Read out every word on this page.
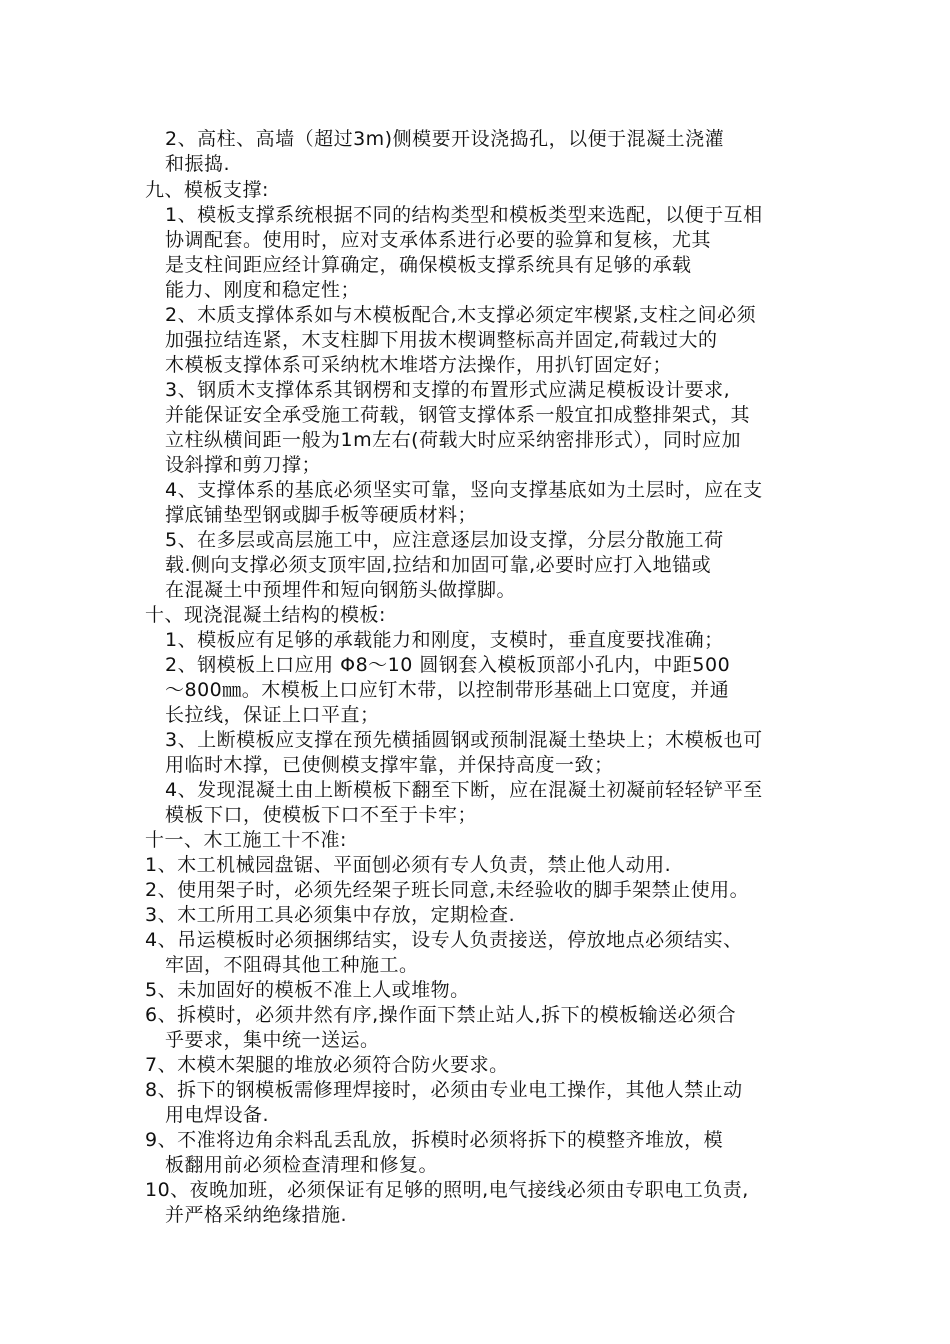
2、高柱、高墙（超过3m)侧模要开设浇捣孔，以便于混凝土浇灌
和振捣.
九、模板支撑:
1、模板支撑系统根据不同的结构类型和模板类型来选配，以便于互相
协调配套。使用时，应对支承体系进行必要的验算和复核，尤其
是支柱间距应经计算确定，确保模板支撑系统具有足够的承载
能力、刚度和稳定性；
2、木质支撑体系如与木模板配合,木支撑必须定牢楔紧,支柱之间必须
加强拉结连紧，木支柱脚下用拔木楔调整标高并固定,荷载过大的
木模板支撑体系可采纳枕木堆塔方法操作，用扒钉固定好；
3、钢质木支撑体系其钢楞和支撑的布置形式应满足模板设计要求,
并能保证安全承受施工荷载，钢管支撑体系一般宜扣成整排架式，其
立柱纵横间距一般为1m左右(荷载大时应采纳密排形式），同时应加
设斜撑和剪刀撑；
4、支撑体系的基底必须坚实可靠，竖向支撑基底如为土层时，应在支
撑底铺垫型钢或脚手板等硬质材料；
5、在多层或高层施工中，应注意逐层加设支撑，分层分散施工荷
载.侧向支撑必须支顶牢固,拉结和加固可靠,必要时应打入地锚或
在混凝土中预埋件和短向钢筋头做撑脚。
十、现浇混凝土结构的模板:
1、模板应有足够的承载能力和刚度，支模时，垂直度要找准确；
2、钢模板上口应用 Φ8～10 圆钢套入模板顶部小孔内，中距500
～800㎜。木模板上口应钉木带，以控制带形基础上口宽度，并通
长拉线，保证上口平直；
3、上断模板应支撑在预先横插圆钢或预制混凝土垫块上；木模板也可
用临时木撑，已使侧模支撑牢靠，并保持高度一致；
4、发现混凝土由上断模板下翻至下断，应在混凝土初凝前轻轻铲平至
模板下口，使模板下口不至于卡牢；
十一、木工施工十不准:
1、木工机械园盘锯、平面刨必须有专人负责，禁止他人动用.
2、使用架子时，必须先经架子班长同意,未经验收的脚手架禁止使用。
3、木工所用工具必须集中存放，定期检查.
4、吊运模板时必须捆绑结实，设专人负责接送，停放地点必须结实、
牢固，不阻碍其他工种施工。
5、未加固好的模板不准上人或堆物。
6、拆模时，必须井然有序,操作面下禁止站人,拆下的模板输送必须合
乎要求，集中统一送运。
7、木模木架腿的堆放必须符合防火要求。
8、拆下的钢模板需修理焊接时，必须由专业电工操作，其他人禁止动
用电焊设备.
9、不准将边角余料乱丢乱放，拆模时必须将拆下的模整齐堆放，模
板翻用前必须检查清理和修复。
10、夜晚加班，必须保证有足够的照明,电气接线必须由专职电工负责,
并严格采纳绝缘措施.
